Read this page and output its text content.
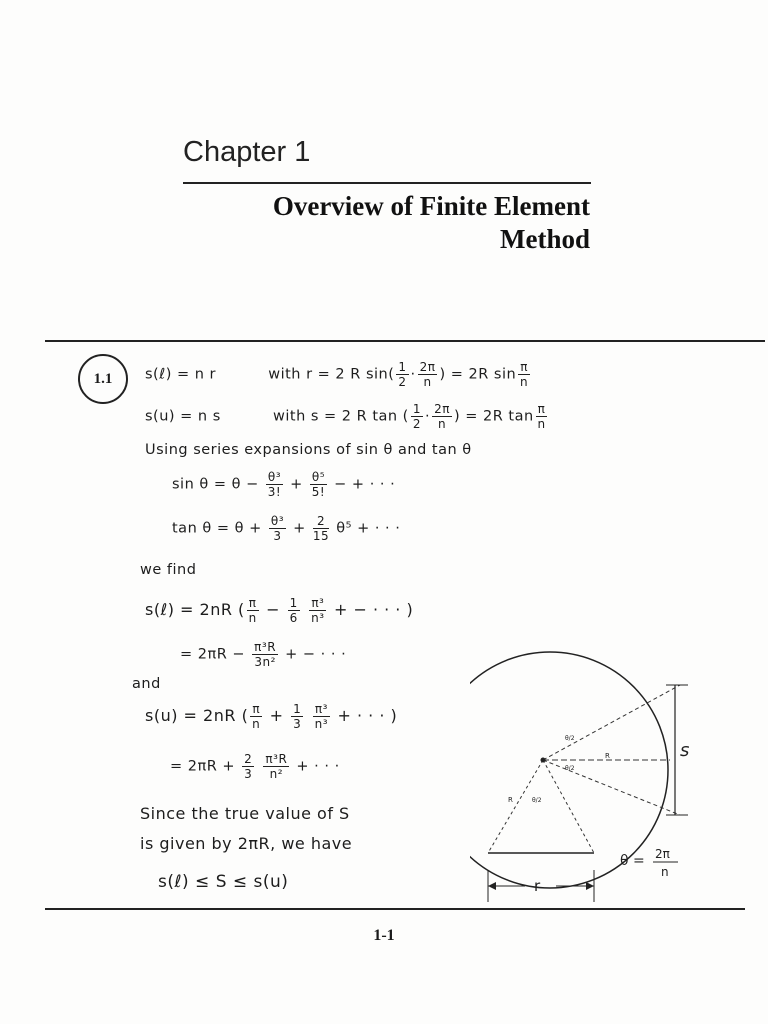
Chapter 1
Overview of Finite Element
Method
1.1 s(ℓ) = n r	with r = 2 R $\sin( \frac{1}{2} \cdot \frac{2\pi}{n}$ ) = 2R $\sin \frac{\pi}{n}$
s(u) = n s	with s = 2 R tan ( $\frac{1}{2} \cdot \frac{2\pi}{n}$ ) = 2R $\tan \frac{\pi}{n}$
Using series expansions of sin θ and tan θ
$\sin \theta = \theta - \frac{\text{θ³}}{3!} + \frac{\text{θ⁵}}{5!}$ − + · · ·
$\tan \theta = \theta + \frac{\text{θ³}}{3} + \frac{2}{15} \theta^5$ + · · ·
we find
s(ℓ) = 2nR ( $\frac{\pi}{n} - \frac{1}{6}$
$\frac{\text{π³}}{\text{n³}}$ + − · · · )
= $2\pi R - \frac{\text{π³R}}{\text{3n²}}$ + − · · ·
and
s(u) = 2nR ( $\frac{\pi}{n} + \frac{1}{3}$
$\frac{\text{π³}}{\text{n³}}$ + · · · )
= $2\pi R + \frac{2}{3}$
$\frac{\text{π³R}}{\text{n²}}$ + · · ·
Since the true value of S
is given by 2πR, we have
s(ℓ) ≤ S ≤ s(u)	r
s
R
R
θ/2
θ/2
θ/2
θ = 2π
n
1-1
